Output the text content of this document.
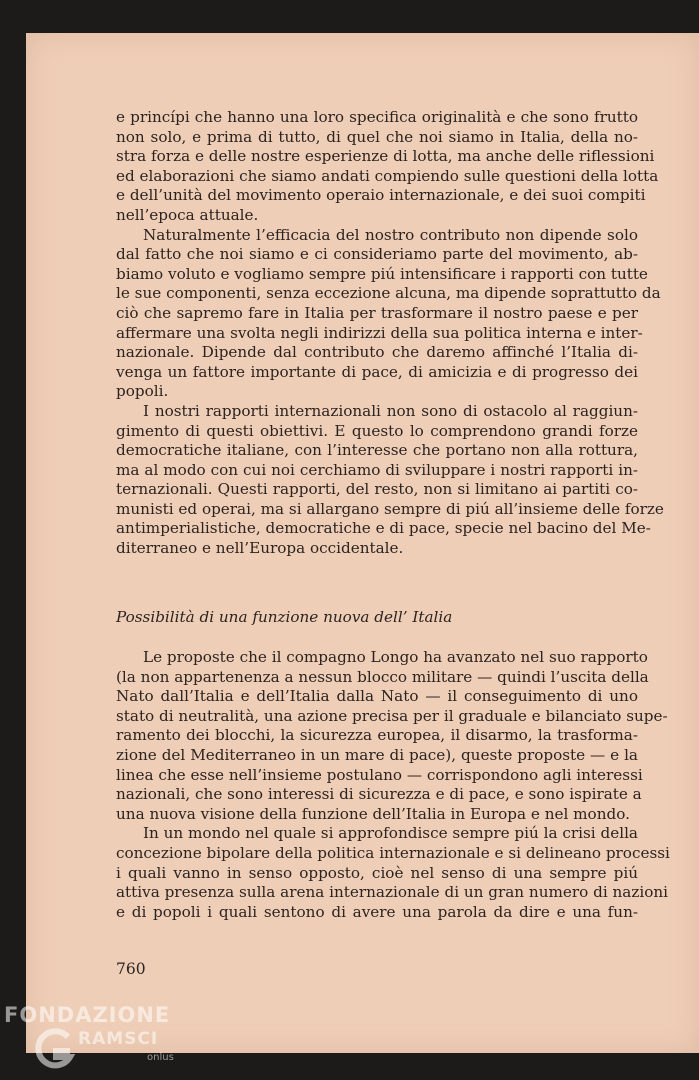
e princípi che hanno una loro specifica originalità e che sono frutto
non solo, e prima di tutto, di quel che noi siamo in Italia, della no-
stra forza e delle nostre esperienze di lotta, ma anche delle riflessioni
ed elaborazioni che siamo andati compiendo sulle questioni della lotta
e dell’unità del movimento operaio internazionale, e dei suoi compiti
nell’epoca attuale.
Naturalmente l’efficacia del nostro contributo non dipende solo
dal fatto che noi siamo e ci consideriamo parte del movimento, ab-
biamo voluto e vogliamo sempre piú intensificare i rapporti con tutte
le sue componenti, senza eccezione alcuna, ma dipende soprattutto da
ciò che sapremo fare in Italia per trasformare il nostro paese e per
affermare una svolta negli indirizzi della sua politica interna e inter-
nazionale. Dipende dal contributo che daremo affinché l’Italia di-
venga un fattore importante di pace, di amicizia e di progresso dei
popoli.
I nostri rapporti internazionali non sono di ostacolo al raggiun-
gimento di questi obiettivi. E questo lo comprendono grandi forze
democratiche italiane, con l’interesse che portano non alla rottura,
ma al modo con cui noi cerchiamo di sviluppare i nostri rapporti in-
ternazionali. Questi rapporti, del resto, non si limitano ai partiti co-
munisti ed operai, ma si allargano sempre di piú all’insieme delle forze
antimperialistiche, democratiche e di pace, specie nel bacino del Me-
diterraneo e nell’Europa occidentale.
Possibilità di una funzione nuova dell’ Italia
Le proposte che il compagno Longo ha avanzato nel suo rapporto
(la non appartenenza a nessun blocco militare — quindi l’uscita della
Nato dall’Italia e dell’Italia dalla Nato — il conseguimento di uno
stato di neutralità, una azione precisa per il graduale e bilanciato supe-
ramento dei blocchi, la sicurezza europea, il disarmo, la trasforma-
zione del Mediterraneo in un mare di pace), queste proposte — e la
linea che esse nell’insieme postulano — corrispondono agli interessi
nazionali, che sono interessi di sicurezza e di pace, e sono ispirate a
una nuova visione della funzione dell’Italia in Europa e nel mondo.
In un mondo nel quale si approfondisce sempre piú la crisi della
concezione bipolare della politica internazionale e si delineano processi
i quali vanno in senso opposto, cioè nel senso di una sempre piú
attiva presenza sulla arena internazionale di un gran numero di nazioni
e di popoli i quali sentono di avere una parola da dire e una fun-
760
FONDAZIONE
RAMSCI
onlus
